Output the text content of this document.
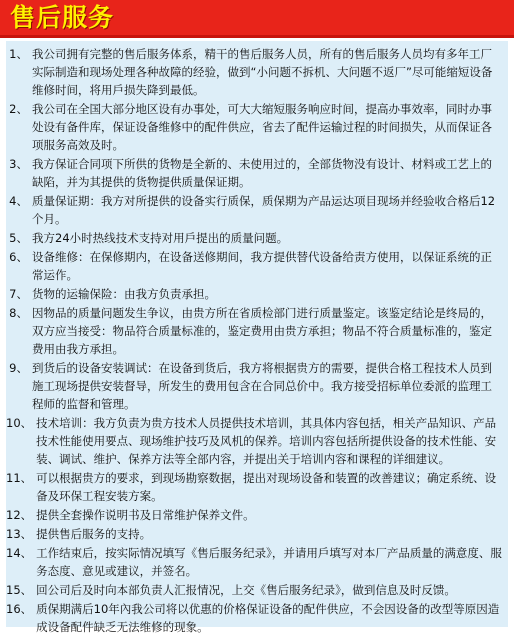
售后服务
1、 我公司拥有完整的售后服务体系，精干的售后服务人员，所有的售后服务人员均有多年工厂实际制造和现场处理各种故障的经验，做到“小问题不拆机、大问题不返厂”尽可能缩短设备维修时间，将用戶损失降到最低。
2、 我公司在全国大部分地区设有办事处，可大大缩短服务响应时间，提高办事效率，同时办事处设有备件库，保证设备维修中的配件供应，省去了配件运输过程的时间损失，从而保证各项服务高效及时。
3、 我方保证合同项下所供的货物是全新的、未使用过的，全部货物没有设计、材料或工艺上的缺陷，并为其提供的货物提供质量保证期。
4、 质量保证期：我方对所提供的设备实行质保，质保期为产品运达项目现场并经验收合格后12个月。
5、 我方24小时热线技术支持对用戶提出的质量问题。
6、 设备维修：在保修期内，在设备送修期间，我方提供替代设备给责方使用，以保证系统的正常运作。
7、 货物的运输保险：由我方负责承担。
8、 因物品的质量问题发生争议，由贵方所在省质检部门进行质量鉴定。该鉴定结论是终局的，双方应当接受：物品符合质量标准的，鉴定费用由贵方承担；物品不符合质量标准的，鉴定费用由我方承担。
9、 到货后的设备安装调试：在设备到货后，我方将根据贵方的需要，提供合格工程技术人员到施工现场提供安装督导，所发生的费用包含在合同总价中。我方接受招标单位委派的监理工程师的监督和管理。
10、 技术培训：我方负责为贵方技术人员提供技术培训，其具体内容包括，相关产品知识、产品技术性能使用要点、现场维护技巧及风机的保养。培训内容包括所提供设备的技术性能、安装、调试、维护、保养方法等全部内容，并提出关于培训内容和课程的详细建议。
11、 可以根据贵方的要求，到现场勘察数据，提出对现场设备和装置的改善建议；确定系统、设备及环保工程安装方案。
12、 提供全套操作说明书及日常维护保养文件。
13、 提供售后服务的支持。
14、 工作结束后，按实际情况填写《售后服务纪录》，并请用戶填写对本厂产品质量的满意度、服务态度、意见或建议，并签名。
15、 回公司后及时向本部负责人汇报情况，上交《售后服务纪录》，做到信息及时反馈。
16、 质保期满后10年內我公司将以优惠的价格保证设备的配件供应，不会因设备的改型等原因造成设备配件缺乏无法维修的现象。
